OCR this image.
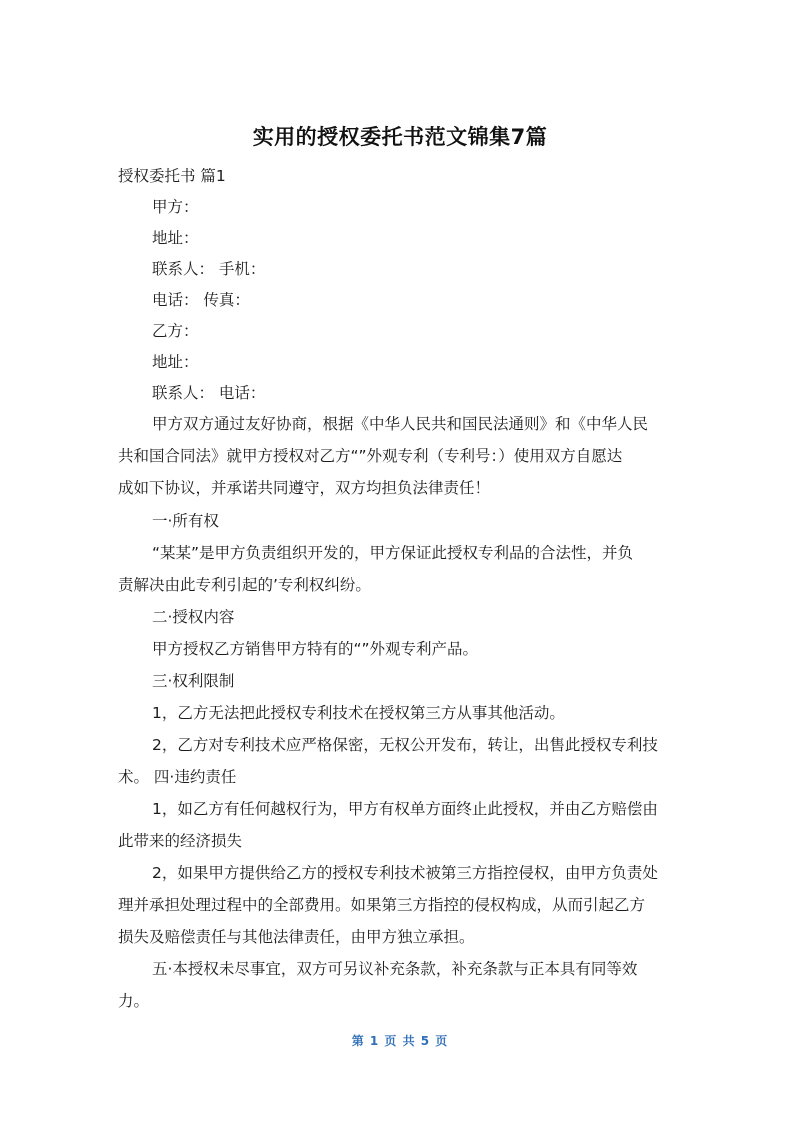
实用的授权委托书范文锦集7篇
授权委托书 篇1
甲方：
地址：
联系人： 手机：
电话： 传真：
乙方：
地址：
联系人： 电话：
甲方双方通过友好协商，根据《中华人民共和国民法通则》和《中华人民
共和国合同法》就甲方授权对乙方“”外观专利（专利号：）使用双方自愿达
成如下协议，并承诺共同遵守，双方均担负法律责任！
一·所有权
“某某”是甲方负责组织开发的，甲方保证此授权专利品的合法性，并负
责解决由此专利引起的’专利权纠纷。
二·授权内容
甲方授权乙方销售甲方特有的“”外观专利产品。
三·权利限制
1，乙方无法把此授权专利技术在授权第三方从事其他活动。
2，乙方对专利技术应严格保密，无权公开发布，转让，出售此授权专利技
术。 四·违约责任
1，如乙方有任何越权行为，甲方有权单方面终止此授权，并由乙方赔偿由
此带来的经济损失
2，如果甲方提供给乙方的授权专利技术被第三方指控侵权，由甲方负责处
理并承担处理过程中的全部费用。如果第三方指控的侵权构成，从而引起乙方
损失及赔偿责任与其他法律责任，由甲方独立承担。
五·本授权未尽事宜，双方可另议补充条款，补充条款与正本具有同等效
力。
第 1 页 共 5 页
